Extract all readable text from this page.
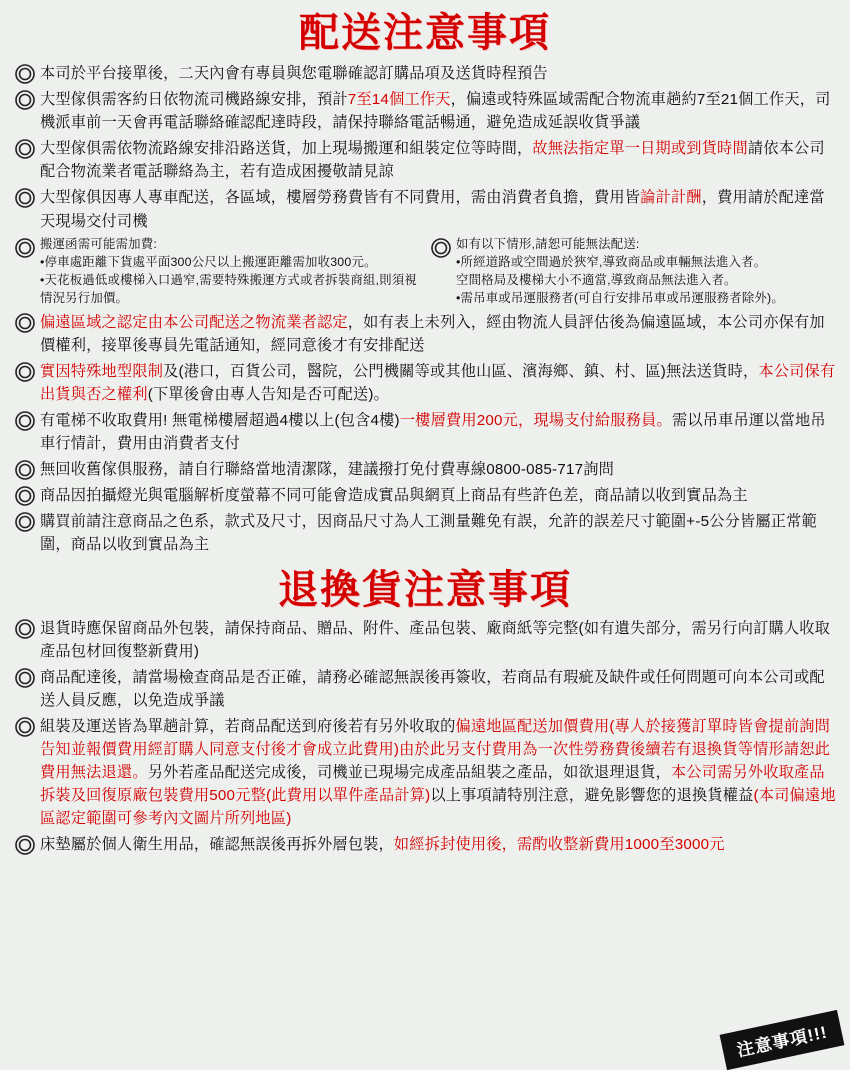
配送注意事項
本司於平台接單後，二天內會有專員與您電聯確認訂購品項及送貨時程預告
大型傢俱需客約日依物流司機路線安排，預計7至14個工作天，偏遠或特殊區域需配合物流車趟約7至21個工作天，司機派車前一天會再電話聯絡確認配達時段，請保持聯絡電話暢通，避免造成延誤收貨爭議
大型傢俱需依物流路線安排沿路送貨，加上現場搬運和組裝定位等時間，故無法指定單一日期或到貨時間請依本公司配合物流業者電話聯絡為主，若有造成困擾敬請見諒
大型傢俱因專人專車配送，各區域，樓層勞務費皆有不同費用，需由消費者負擔，費用皆論計計酬，費用請於配達當天現場交付司機
搬運函需可能需加費:
•停車處距離下貨處平面300公尺以上搬運距離需加收300元。
•天花板過低或樓梯入口過窄,需要特殊搬運方式或者拆裝商組,則須視情況另行加價。
如有以下情形,請恕可能無法配送:
•所經道路或空間過於狹窄,導致商品或車輛無法進入者。
空間格局及樓梯大小不適當,導致商品無法進入者。
•需吊車或吊運服務者(可自行安排吊車或吊運服務者除外)。
偏遠區域之認定由本公司配送之物流業者認定，如有表上未列入，經由物流人員評估後為偏遠區域，本公司亦保有加價權利，接單後專員先電話通知，經同意後才有安排配送
實因特殊地型限制及(港口，百貨公司，醫院，公門機關等或其他山區、濱海鄉、鎮、村、區)無法送貨時，本公司保有出貨與否之權利(下單後會由專人告知是否可配送)。
有電梯不收取費用! 無電梯樓層超過4樓以上(包含4樓)一樓層費用200元，現場支付給服務員。需以吊車吊運以當地吊車行情計，費用由消費者支付
無回收舊傢俱服務，請自行聯絡當地清潔隊，建議撥打免付費專線0800-085-717詢問
商品因拍攝燈光與電腦解析度螢幕不同可能會造成實品與網頁上商品有些許色差，商品請以收到實品為主
購買前請注意商品之色系，款式及尺寸，因商品尺寸為人工測量難免有誤，允許的誤差尺寸範圍+-5公分皆屬正常範圍，商品以收到實品為主
退換貨注意事項
退貨時應保留商品外包裝，請保持商品、贈品、附件、產品包裝、廠商紙等完整(如有遺失部分，需另行向訂購人收取產品包材回復整新費用)
商品配達後，請當場檢查商品是否正確，請務必確認無誤後再簽收，若商品有瑕疵及缺件或任何問題可向本公司或配送人員反應，以免造成爭議
組裝及運送皆為單趟計算，若商品配送到府後若有另外收取的偏遠地區配送加價費用(專人於接獲訂單時皆會提前詢問告知並報價費用經訂購人同意支付後才會成立此費用)由於此另支付費用為一次性勞務費後續若有退換貨等情形請恕此費用無法退還。另外若產品配送完成後，司機並已現場完成產品組裝之產品，如欲退理退貨，本公司需另外收取產品拆裝及回復原廠包裝費用500元整(此費用以單件產品計算)以上事項請特別注意，避免影響您的退換貨權益(本司偏遠地區認定範圍可參考內文圖片所列地區)
床墊屬於個人衛生用品，確認無誤後再拆外層包裝，如經拆封使用後，需酌收整新費用1000至3000元
注意事項!!!
